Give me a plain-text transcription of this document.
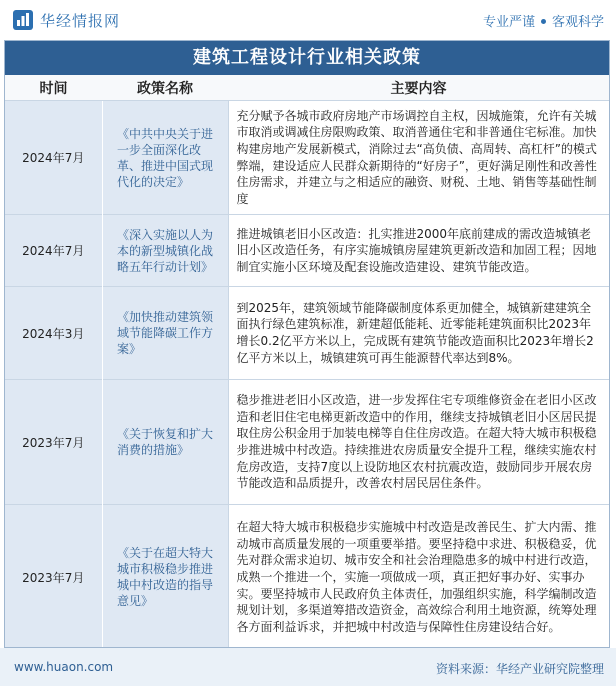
华经情报网	专业严谨 客观科学
建筑工程设计行业相关政策
时间	政策名称	主要内容
2024年7月	《中共中央关于进一步全面深化改革、推进中国式现代化的决定》	充分赋予各城市政府房地产市场调控自主权，因城施策，允许有关城市取消或调减住房限购政策、取消普通住宅和非普通住宅标准。加快构建房地产发展新模式，消除过去“高负债、高周转、高杠杆”的模式弊端，建设适应人民群众新期待的“好房子”，更好满足刚性和改善性住房需求，并建立与之相适应的融资、财税、土地、销售等基础性制度
2024年7月	《深入实施以人为本的新型城镇化战略五年行动计划》	推进城镇老旧小区改造：扎实推进2000年底前建成的需改造城镇老旧小区改造任务，有序实施城镇房屋建筑更新改造和加固工程；因地制宜实施小区环境及配套设施改造建设、建筑节能改造。
2024年3月	《加快推动建筑领域节能降碳工作方案》	到2025年，建筑领域节能降碳制度体系更加健全，城镇新建建筑全面执行绿色建筑标准，新建超低能耗、近零能耗建筑面积比2023年增长0.2亿平方米以上，完成既有建筑节能改造面积比2023年增长2亿平方米以上，城镇建筑可再生能源替代率达到8%。
2023年7月	《关于恢复和扩大消费的措施》	稳步推进老旧小区改造，进一步发挥住宅专项维修资金在老旧小区改造和老旧住宅电梯更新改造中的作用，继续支持城镇老旧小区居民提取住房公积金用于加装电梯等自住住房改造。在超大特大城市积极稳步推进城中村改造。持续推进农房质量安全提升工程，继续实施农村危房改造，支持7度以上设防地区农村抗震改造，鼓励同步开展农房节能改造和品质提升，改善农村居民居住条件。
2023年7月	《关于在超大特大城市积极稳步推进城中村改造的指导意见》	在超大特大城市积极稳步实施城中村改造是改善民生、扩大内需、推动城市高质量发展的一项重要举措。要坚持稳中求进、积极稳妥，优先对群众需求迫切、城市安全和社会治理隐患多的城中村进行改造，成熟一个推进一个，实施一项做成一项，真正把好事办好、实事办实。要坚持城市人民政府负主体责任，加强组织实施，科学编制改造规划计划，多渠道筹措改造资金，高效综合利用土地资源，统筹处理各方面利益诉求，并把城中村改造与保障性住房建设结合好。
www.huaon.com	资料来源：华经产业研究院整理
